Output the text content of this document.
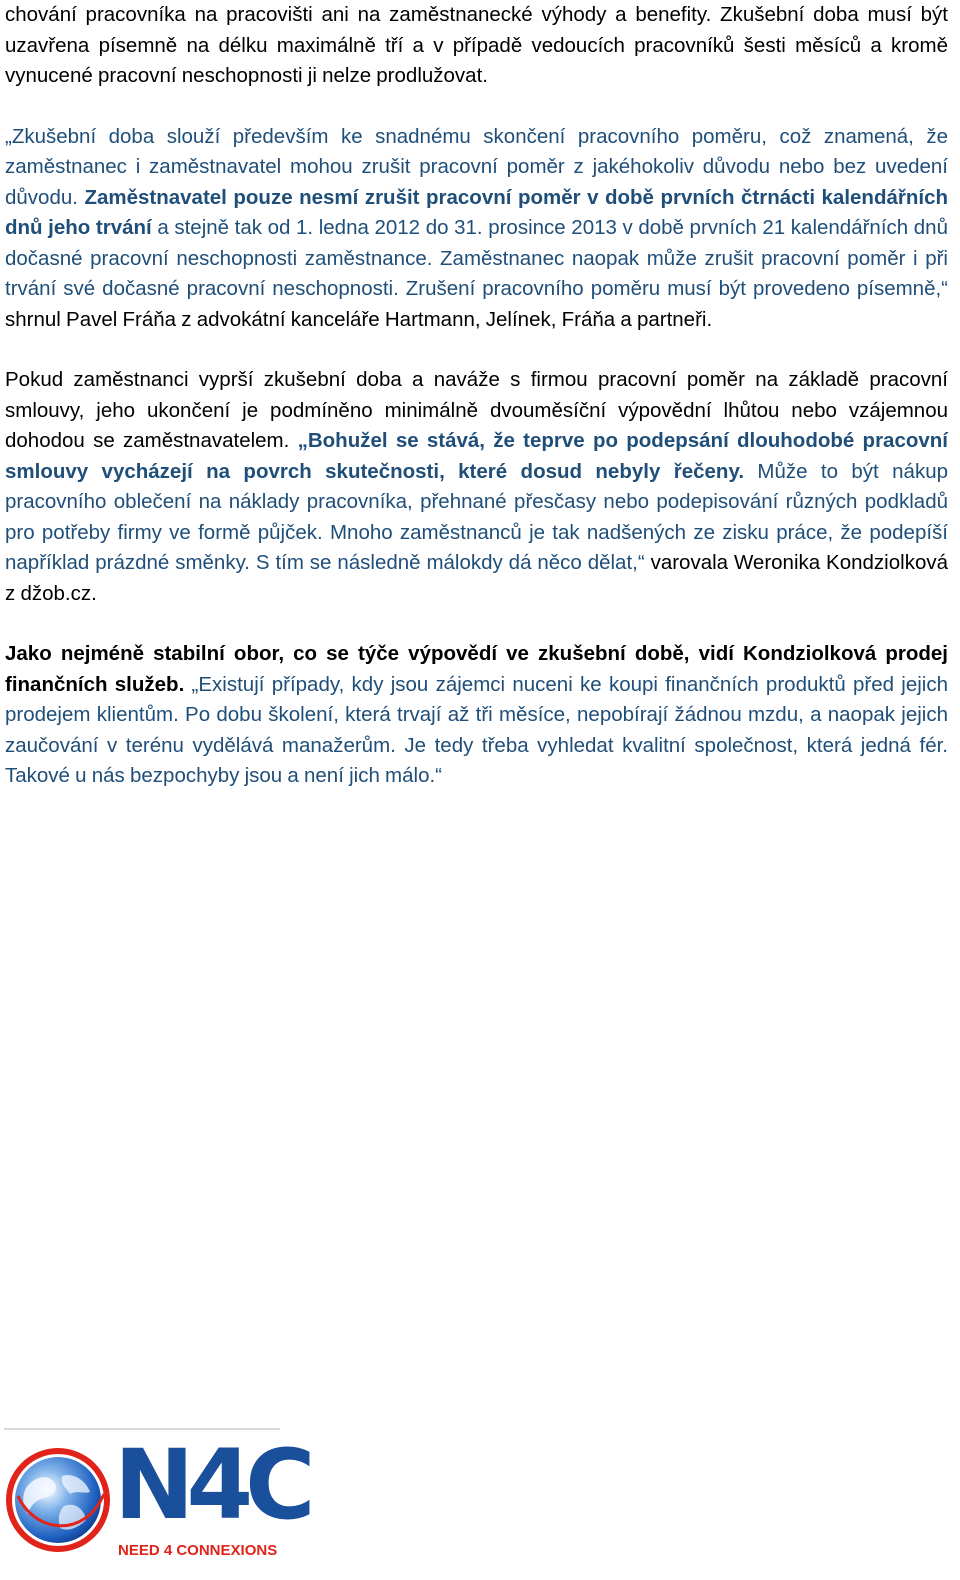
chování pracovníka na pracovišti ani na zaměstnanecké výhody a benefity. Zkušební doba musí být uzavřena písemně na délku maximálně tří a v případě vedoucích pracovníků šesti měsíců a kromě vynucené pracovní neschopnosti ji nelze prodlužovat.

„Zkušební doba slouží především ke snadnému skončení pracovního poměru, což znamená, že zaměstnanec i zaměstnavatel mohou zrušit pracovní poměr z jakéhokoliv důvodu nebo bez uvedení důvodu. Zaměstnavatel pouze nesmí zrušit pracovní poměr v době prvních čtrnácti kalendářních dnů jeho trvání a stejně tak od 1. ledna 2012 do 31. prosince 2013 v době prvních 21 kalendářních dnů dočasné pracovní neschopnosti zaměstnance. Zaměstnanec naopak může zrušit pracovní poměr i při trvání své dočasné pracovní neschopnosti. Zrušení pracovního poměru musí být provedeno písemně,“ shrnul Pavel Fráňa z advokátní kanceláře Hartmann, Jelínek, Fráňa a partneři.

Pokud zaměstnanci vyprší zkušební doba a naváže s firmou pracovní poměr na základě pracovní smlouvy, jeho ukončení je podmíněno minimálně dvouměsíční výpovědní lhůtou nebo vzájemnou dohodou se zaměstnavatelem. „Bohužel se stává, že teprve po podepsání dlouhodobé pracovní smlouvy vycházejí na povrch skutečnosti, které dosud nebyly řečeny. Může to být nákup pracovního oblečení na náklady pracovníka, přehnané přesčasy nebo podepisování různých podkladů pro potřeby firmy ve formě půjček. Mnoho zaměstnanců je tak nadšených ze zisku práce, že podepíší například prázdné směnky. S tím se následně málokdy dá něco dělat,“ varovala Weronika Kondziolková z džob.cz.

Jako nejméně stabilní obor, co se týče výpovědí ve zkušební době, vidí Kondziolková prodej finančních služeb. „Existují případy, kdy jsou zájemci nuceni ke koupi finančních produktů před jejich prodejem klientům. Po dobu školení, která trvají až tři měsíce, nepobírají žádnou mzdu, a naopak jejich zaučování v terénu vydělává manažerům. Je tedy třeba vyhledat kvalitní společnost, která jedná fér. Takové u nás bezpochyby jsou a není jich málo.“

N4C
NEED 4 CONNEXIONS
